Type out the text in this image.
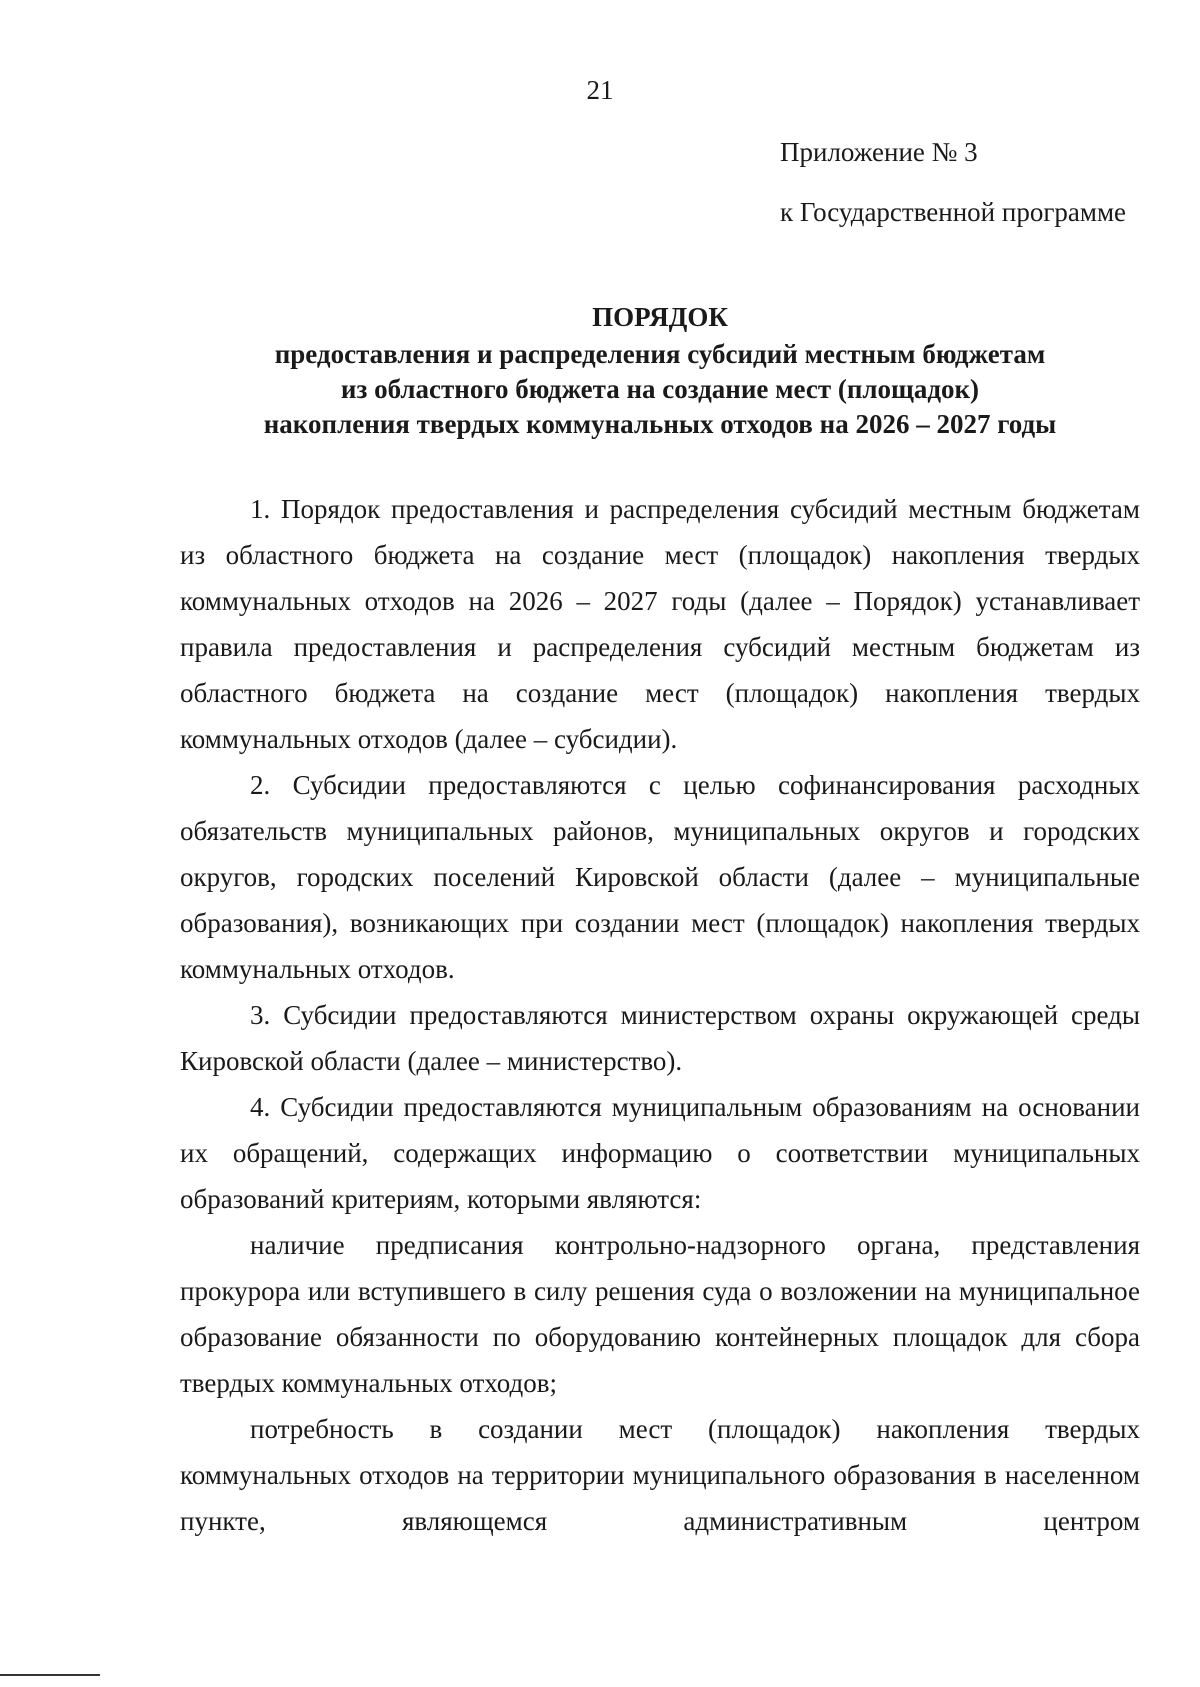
21
Приложение № 3
к Государственной программе
ПОРЯДОК
предоставления и распределения субсидий местным бюджетам
из областного бюджета на создание мест (площадок)
накопления твердых коммунальных отходов на 2026 – 2027 годы

1. Порядок предоставления и распределения субсидий местным бюджетам из областного бюджета на создание мест (площадок) накопления твердых коммунальных отходов на 2026 – 2027 годы (далее – Порядок) устанавливает правила предоставления и распределения субсидий местным бюджетам из областного бюджета на создание мест (площадок) накопления твердых коммунальных отходов (далее – субсидии).

2. Субсидии предоставляются с целью софинансирования расходных обязательств муниципальных районов, муниципальных округов и городских округов, городских поселений Кировской области (далее – муниципальные образования), возникающих при создании мест (площадок) накопления твердых коммунальных отходов.

3. Субсидии предоставляются министерством охраны окружающей среды Кировской области (далее – министерство).

4. Субсидии предоставляются муниципальным образованиям на основании их обращений, содержащих информацию о соответствии муниципальных образований критериям, которыми являются:

наличие предписания контрольно-надзорного органа, представления прокурора или вступившего в силу решения суда о возложении на муниципальное образование обязанности по оборудованию контейнерных площадок для сбора твердых коммунальных отходов;

потребность в создании мест (площадок) накопления твердых коммунальных отходов на территории муниципального образования в населенном пункте, являющемся административным центром
